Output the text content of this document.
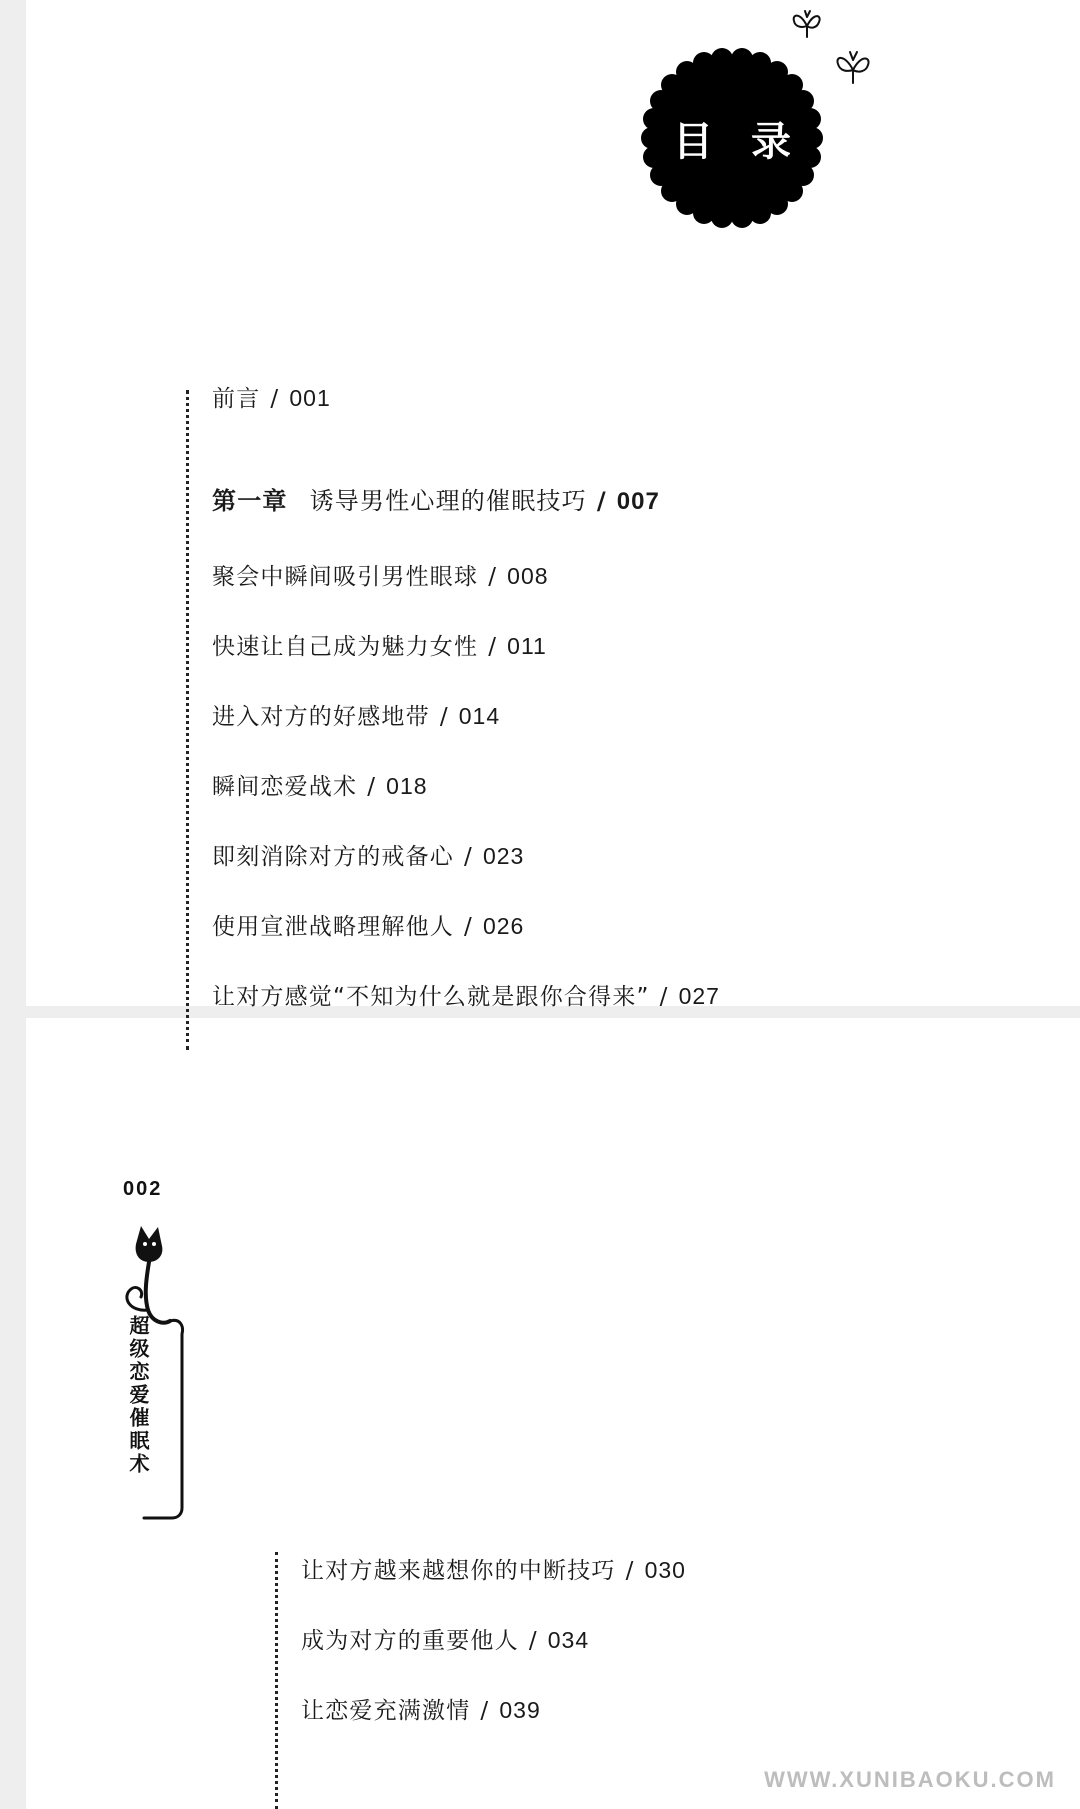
目 录
前言 / 001
第一章 诱导男性心理的催眠技巧 / 007
聚会中瞬间吸引男性眼球 / 008
快速让自己成为魅力女性 / 011
进入对方的好感地带 / 014
瞬间恋爱战术 / 018
即刻消除对方的戒备心 / 023
使用宣泄战略理解他人 / 026
让对方感觉“不知为什么就是跟你合得来” / 027
002
超级恋爱催眠术
让对方越来越想你的中断技巧 / 030
成为对方的重要他人 / 034
让恋爱充满激情 / 039
WWW.XUNIBAOKU.COM
